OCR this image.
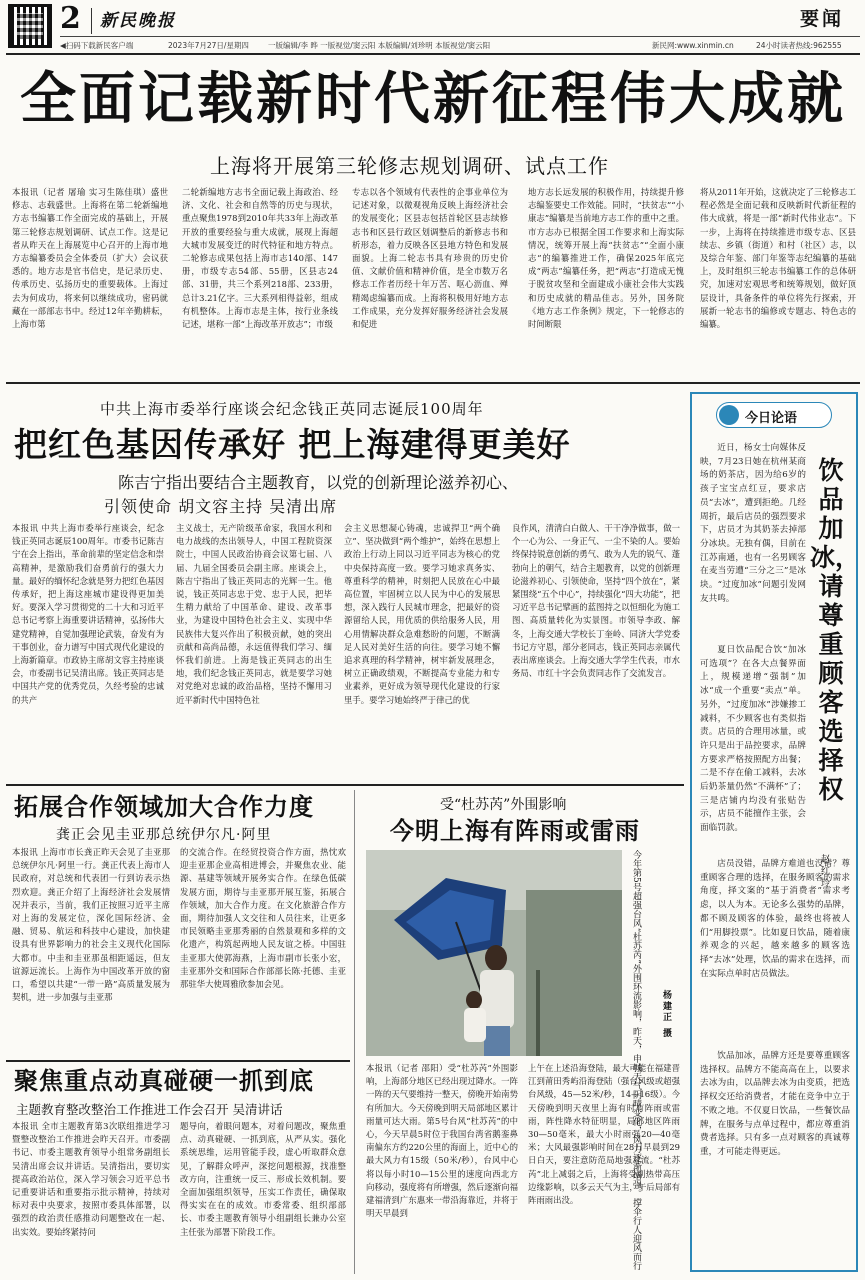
2 新民晚报	要闻
◀扫码下载新民客户端	2023年7月27日/星期四	一版编辑/李 晔 一版视觉/窦云阳 本版编辑/刘珍明 本版视觉/窦云阳	新民网:www.xinmin.cn	24小时读者热线:962555
全面记载新时代新征程伟大成就
上海将开展第三轮修志规划调研、试点工作
本报讯（记者 屠瑜 实习生陈佳琪）盛世修志、志载盛世。上海将在第二轮新编地方志书编纂工作全面完成的基础上，开展第三轮修志规划调研、试点工作。这是记者从昨天在上海展览中心召开的上海市地方志编纂委员会全体委员（扩大）会议获悉的。地方志是官书信史，是记录历史、传承历史、弘扬历史的重要载体。上海过去为何成功，将来何以继续成功，密码就藏在一部部志书中。经过12年辛勤耕耘，上海市第
二轮新编地方志书全面记载上海政治、经济、文化、社会和自然等的历史与现状，重点聚焦1978到2010年共33年上海改革开放的重要经验与重大成就，展现上海超大城市发展变迁的时代特征和地方特点。二轮修志成果包括上海市志140部、147册，市级专志54部、55册，区县志24部、31册，共三个系列218部、233册，总计3.21亿字。三大系列相得益彰，组成有机整体。上海市志是主体，按行业条线记述，堪称一部“上海改革开放志”；市级
专志以各个领域有代表性的企事业单位为记述对象，以微观视角反映上海经济社会的发展变化；区县志包括首轮区县志续修志书和区县行政区划调整后的新修志书和析形态，着力反映各区县地方特色和发展面貌。上海二轮志书具有珍贵的历史价值、文献价值和精神价值，是全市数万名修志工作者历经十年万苦、呕心沥血、殚精竭虑编纂而成。上海将积极用好地方志工作成果，充分发挥好服务经济社会发展和促进
地方志长远发展的积极作用，持续提升修志编鉴要史工作效能。同时，“扶贫志”“小康志”编纂是当前地方志工作的重中之重。市方志办已根据全国工作要求和上海实际情况，统筹开展上海“扶贫志”“全面小康志”的编纂推进工作，确保2025年底完成“两志”编纂任务，把“两志”打造成无愧于脱贫攻坚和全面建成小康社会伟大实践和历史成就的精品佳志。另外，国务院《地方志工作条例》规定，下一轮修志的时间断限
将从2011年开始，这就决定了三轮修志工程必然是全面记载和反映新时代新征程的伟大成就，将是一部“新时代伟业志”。下一步，上海将在持续推进市级专志、区县续志、乡镇（街道）和村（社区）志，以及综合年鉴、部门年鉴等志纪编纂的基础上，及时组织三轮志书编纂工作的总体研究，加速对宏观思考和统筹规划，做好顶层设计，具备条件的单位将先行探索，开展新一轮志书的编修或专题志、特色志的编纂。
今日论语
饮品加冰，请尊重顾客选择权
赵红玲
近日，杨女士向媒体反映，7月23日她在杭州某商场的奶茶店，因为给6岁的孩子宝宝点红豆，要求店员“去冰”，遭到拒绝。几经周折，最后店员的强烈要求下，店员才为其奶茶去掉部分冰块。无独有偶，目前在江苏南通，也有一名男顾客在麦当劳遭“三分之三”是冰块。“过度加冰”问题引发网友共鸣。
夏日饮品配合饮“加冰可选项”？在各大点餐界面上，规模递增“强制”加冰“成一个重要“卖点”单。另外，“过度加冰”涉嫌掺工减料，不少顾客也有类似指责。店员的合理用冰量，或许只是出于品控要求，品牌方要求严格按照配方出餐；二是不存在偷工减料，去冰后奶茶量仍然“不满杯”了；三是店铺内均没有张贴告示，店员不能擅作主张，会面临罚款。
店员没错，品牌方难道也没错？尊重顾客合理的选择，在服务顾客的需求角度，择文案的“基于消费者”需求考虑，以人为本。无论多么强势的品牌，都不顾及顾客的体验，最终也将被人们“用脚投票”。比如夏日饮品，随着康养观念的兴起，越来越多的顾客选择“去冰”处理，饮品的需求在选择，而在实际点单时店员做法。
饮品加冰，品牌方还是要尊重顾客选择权。品牌方不能高高在上，以要求去冰为由，以品牌去冰为由变质，把选择权交还给消费者，才能在竞争中立于不败之地。不仅夏日饮品，一些餐饮品牌，在服务与点单过程中，都应尊重消费者选择。只有多一点对顾客的真诚尊重，才可能走得更远。
中共上海市委举行座谈会纪念钱正英同志诞辰100周年
把红色基因传承好 把上海建得更美好
陈吉宁指出要结合主题教育，以党的创新理论滋养初心、
引领使命 胡文容主持 吴清出席
本报讯 中共上海市委举行座谈会，纪念钱正英同志诞辰100周年。市委书记陈吉宁在会上指出，革命前辈的坚定信念和崇高精神，是激励我们奋勇前行的强大力量。最好的缅怀纪念就是努力把红色基因传承好，把上海这座城市建设得更加美好。要深入学习贯彻党的二十大和习近平总书记考察上海重要讲话精神，弘扬伟大建党精神，自觉加强理论武装，奋发有为干事创业，奋力谱写中国式现代化建设的上海新篇章。市政协主席胡文容主持座谈会，市委副书记吴清出席。钱正英同志是中国共产党的优秀党员，久经考验的忠诚的共产
主义战士，无产阶级革命家，我国水利和电力战线的杰出领导人，中国工程院资深院士，中国人民政治协商会议第七届、八届、九届全国委员会副主席。座谈会上，陈吉宁指出了钱正英同志的光辉一生。他说，钱正英同志忠于党、忠于人民，把毕生精力献给了中国革命、建设、改革事业，为建设中国特色社会主义、实现中华民族伟大复兴作出了积极贡献，她的突出贡献和高尚品德，永远值得我们学习、缅怀我们前进。上海是钱正英同志的出生地，我们纪念钱正英同志，就是要学习她对党绝对忠诚的政治品格，坚持不懈用习近平新时代中国特色社
会主义思想凝心铸魂，忠诚捍卫“两个确立”、坚决做到“两个维护”，始终在思想上政治上行动上同以习近平同志为核心的党中央保持高度一致。要学习她求真务实、尊重科学的精神，时刻把人民放在心中最高位置，牢固树立以人民为中心的发展思想，深入践行人民城市理念，把最好的资源留给人民，用优质的供给服务人民，用心用情解决群众急难愁盼的问题，不断满足人民对美好生活的向往。要学习她不懈追求真理的科学精神，树牢新发展理念，树立正确政绩观，不断提高专业能力和专业素养，更好成为领导现代化建设的行家里手。要学习她始终严于律己的优
良作风，清清白白做人、干干净净做事，做一个一心为公、一身正气、一尘不染的人。要始终保持锐意创新的勇气、敢为人先的锐气、蓬勃向上的朝气，结合主题教育，以党的创新理论滋养初心、引领使命，坚持“四个放在”，紧紧围绕“五个中心”，持续强化“四大功能”，把习近平总书记擘画的蓝图持之以恒细化为施工图、高质量转化为实景图。市领导李政、解冬，上海交通大学校长丁奎岭、同济大学党委书记方守恩，部分老同志，钱正英同志亲属代表出席座谈会。上海交通大学学生代表，市水务局、市红十字会负责同志作了交流发言。
拓展合作领域加大合作力度
龚正会见圭亚那总统伊尔凡·阿里
本报讯 上海市市长龚正昨天会见了圭亚那总统伊尔凡·阿里一行。龚正代表上海市人民政府，对总统和代表团一行到访表示热烈欢迎。龚正介绍了上海经济社会发展情况并表示，当前，我们正按照习近平主席对上海的发展定位，深化国际经济、金融、贸易、航运和科技中心建设，加快建设具有世界影响力的社会主义现代化国际大都市。中圭和圭亚那虽相距遥远，但友谊源远流长。上海作为中国改革开放的窗口，希望以共建“一带一路”高质量发展为契机，进一步加强与圭亚那
的交流合作。在经贸投资合作方面，热忱欢迎圭亚那企业高相进博会，并聚焦农业、能源、基建等领域开展务实合作。在绿色低碳发展方面，期待与圭亚那开展互鉴，拓展合作领域，加大合作力度。在文化旅游合作方面，期待加强人文交往和人员往来，让更多市民领略圭亚那秀丽的自然景观和多样的文化遗产，构筑起两地人民友谊之桥。中国驻圭亚那大使郭海燕，上海市副市长张小宏，圭亚那外交和国际合作部部长陈·托德、圭亚那驻华大使周雅欣参加会见。
受“杜苏芮”外围影响
今明上海有阵雨或雷雨
今年第5号超强台风“杜苏芮”外围环流影响，昨天，申城天气阴晴变化，风力逐渐增强。撑伞行人迎风而行 杨建正 摄
本报讯（记者 邵阳）受“杜苏芮”外围影响，上海部分地区已经出现过降水。一阵一阵的天气要维持一整天，傍晚开始南势有所加大。今天傍晚到明天局部地区累计雨量可达大雨。第5号台风“杜苏芮”的中心，今天早晨5时位于我国台湾省鹅銮鼻南偏东方约220公里的海面上，近中心的最大风力有15级（50米/秒），台风中心将以每小时10—15公里的速度向西北方向移动，强度将有所增强，然后逐渐向福建福清到广东惠来一带沿海靠近，并将于明天早晨到
上午在上述沿海登陆，最大可能在福建晋江到莆田秀屿沿海登陆（强台风级或超强台风级，45—52米/秒，14—16级）。今天傍晚到明天夜里上海有时有阵雨或雷雨，阵性降水特征明显，局部地区阵雨30—50毫米，最大小时雨强20—40毫米；大风最强影响时间在28日早晨到29日白天，要注意防范局地强对流。“杜苏芮”北上减弱之后，上海将受副热带高压边缘影响，以多云天气为主，午后局部有阵雨雨出没。
聚焦重点动真碰硬一抓到底
主题教育整改整治工作推进工作会召开 吴清讲话
本报讯 全市主题教育第3次联组推进学习暨整改整治工作推进会昨天召开。市委副书记、市委主题教育领导小组常务副组长吴清出席会议并讲话。吴清指出，要切实提高政治站位，深入学习领会习近平总书记重要讲话和重要指示批示精神，持续对标对表中央要求，按照市委具体部署，以强烈的政治责任感推动问题整改在一起、出实效。要始终紧持问
题导向，着眼问题本，对着问题改，聚焦重点、动真碰硬、一抓到底，从严从实。强化系统思维，运用管能手段，虚心听取群众意见，了解群众呼声，深挖问题根源，找准整改方向，注重统一反三、形成长效机制。要全面加强组织领导，压实工作责任，确保取得实实在在的成效。市委常委、组织部部长、市委主题教育领导小组副组长兼办公室主任张为部署下阶段工作。
